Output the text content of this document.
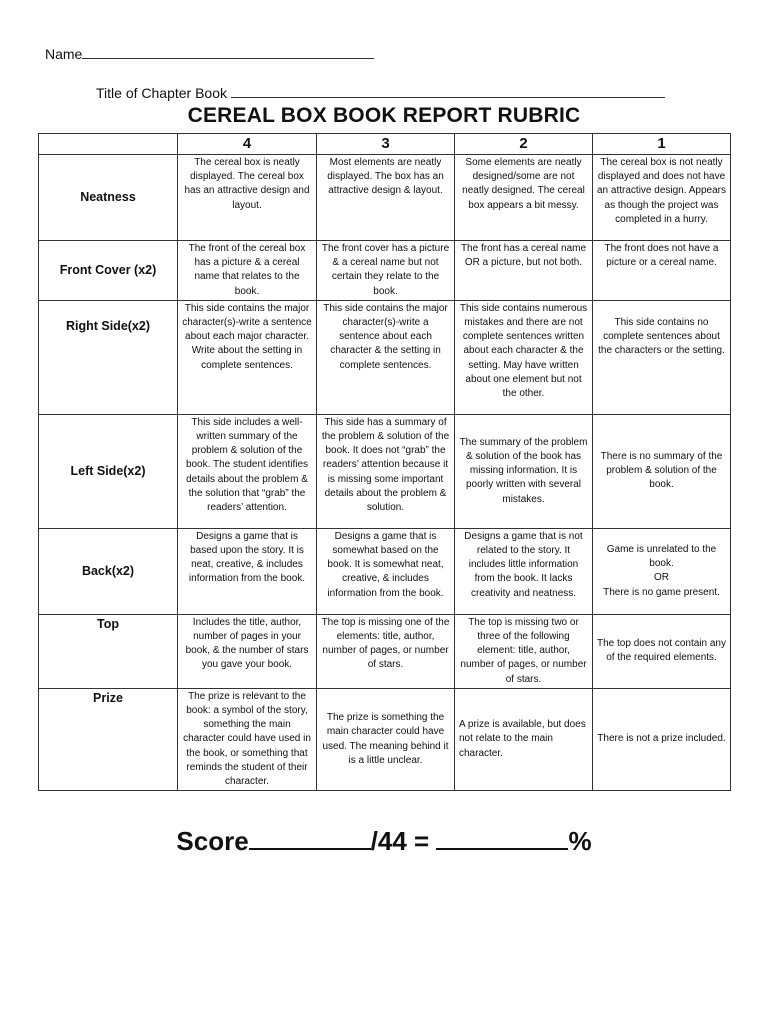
Name
Title of Chapter Book
CEREAL BOX BOOK REPORT RUBRIC
	4	3	2	1
Neatness	The cereal box is neatly displayed. The cereal box has an attractive design and layout.	Most elements are neatly displayed. The box has an attractive design & layout.	Some elements are neatly designed/some are not neatly designed. The cereal box appears a bit messy.	The cereal box is not neatly displayed and does not have an attractive design. Appears as though the project was completed in a hurry.
Front Cover (x2)	The front of the cereal box has a picture & a cereal name that relates to the book.	The front cover has a picture & a cereal name but not certain they relate to the book.	The front has a cereal name OR a picture, but not both.	The front does not have a picture or a cereal name.
Right Side(x2)	This side contains the major character(s)-write a sentence about each major character. Write about the setting in complete sentences.	This side contains the major character(s)-write a sentence about each character & the setting in complete sentences.	This side contains numerous mistakes and there are not complete sentences written about each character & the setting. May have written about one element but not the other.	This side contains no complete sentences about the characters or the setting.
Left Side(x2)	This side includes a well-written summary of the problem & solution of the book. The student identifies details about the problem & the solution that “grab” the readers’ attention.	This side has a summary of the problem & solution of the book. It does not “grab” the readers’ attention because it is missing some important details about the problem & solution.	The summary of the problem & solution of the book has missing information. It is poorly written with several mistakes.	There is no summary of the problem & solution of the book.
Back(x2)	Designs a game that is based upon the story. It is neat, creative, & includes information from the book.	Designs a game that is somewhat based on the book. It is somewhat neat, creative, & includes information from the book.	Designs a game that is not related to the story. It includes little information from the book. It lacks creativity and neatness.	Game is unrelated to the book.
OR
There is no game present.
Top	Includes the title, author, number of pages in your book, & the number of stars you gave your book.	The top is missing one of the elements: title, author, number of pages, or number of stars.	The top is missing two or three of the following element: title, author, number of pages, or number of stars.	The top does not contain any of the required elements.
Prize	The prize is relevant to the book: a symbol of the story, something the main character could have used in the book, or something that reminds the student of their character.	The prize is something the main character could have used. The meaning behind it is a little unclear.	A prize is available, but does not relate to the main character.	There is not a prize included.
Score	/44 =	%
